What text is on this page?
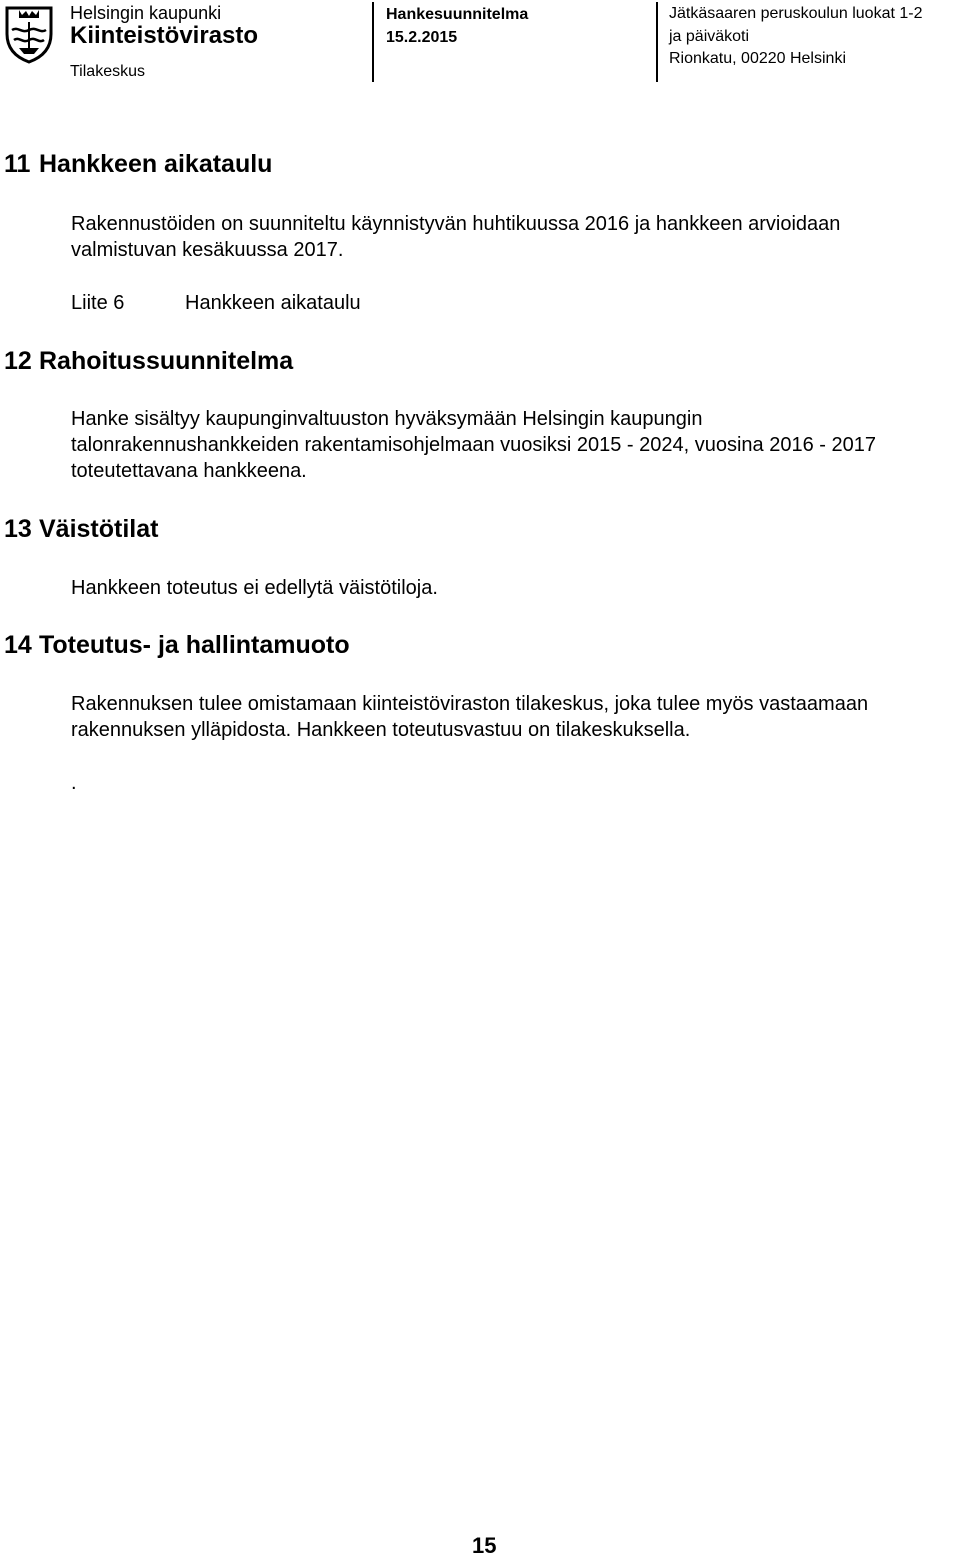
Helsingin kaupunki
Kiinteistövirasto
Tilakeskus
Hankesuunnitelma
15.2.2015
Jätkäsaaren peruskoulun luokat 1-2
ja päiväkoti
Rionkatu, 00220 Helsinki
11 Hankkeen aikataulu
Rakennustöiden on suunniteltu käynnistyvän huhtikuussa 2016 ja hankkeen arvioidaan
valmistuvan kesäkuussa 2017.
Liite 6	Hankkeen aikataulu
12 Rahoitussuunnitelma
Hanke sisältyy kaupunginvaltuuston hyväksymään Helsingin kaupungin
talonrakennushankkeiden rakentamisohjelmaan vuosiksi 2015 - 2024, vuosina 2016 - 2017
toteutettavana hankkeena.
13 Väistötilat
Hankkeen toteutus ei edellytä väistötiloja.
14 Toteutus- ja hallintamuoto
Rakennuksen tulee omistamaan kiinteistöviraston tilakeskus, joka tulee myös vastaamaan
rakennuksen ylläpidosta. Hankkeen toteutusvastuu on tilakeskuksella.
.
15
